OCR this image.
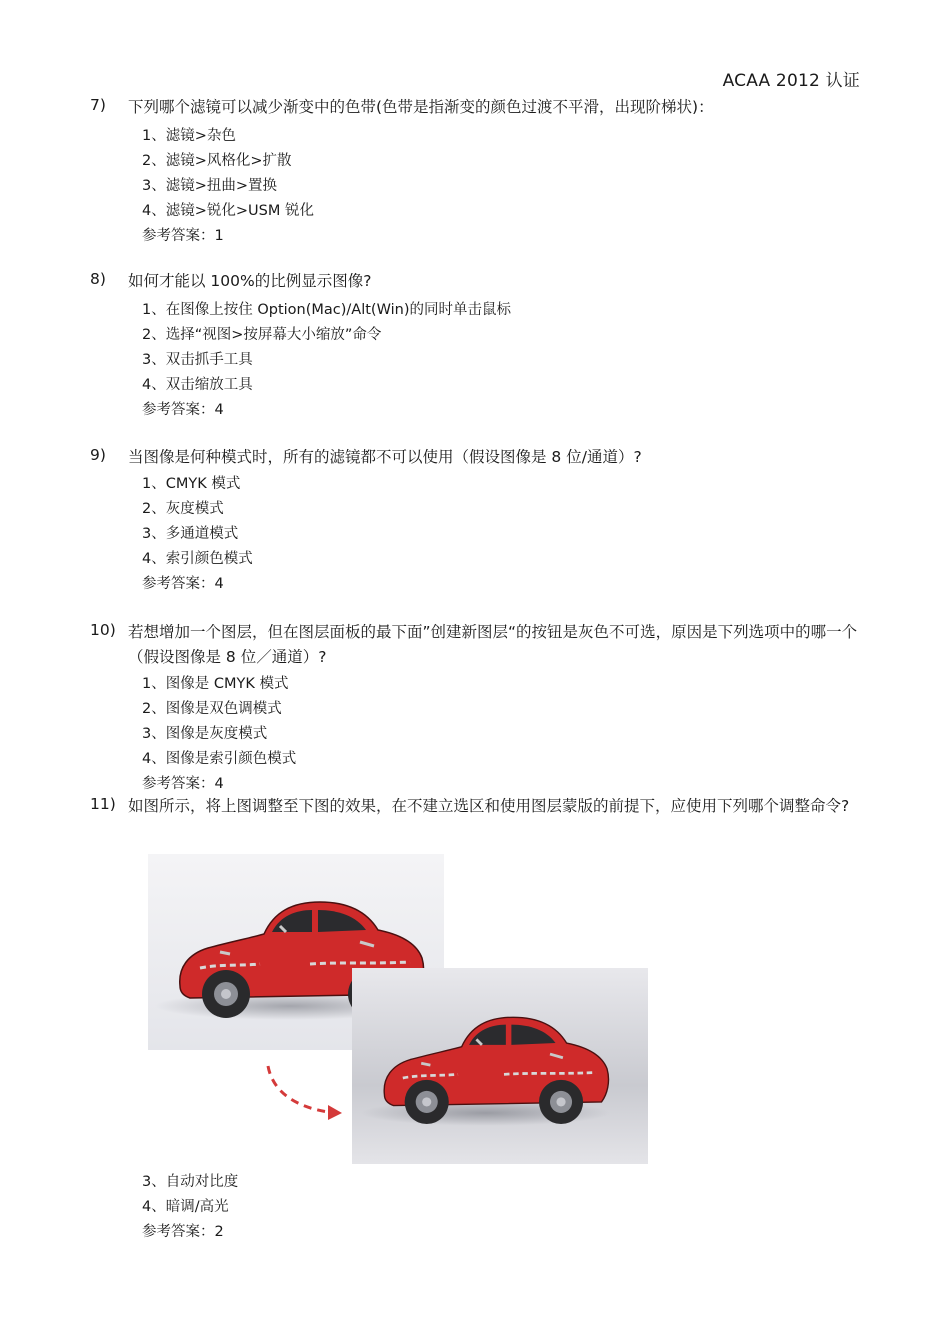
ACAA 2012 认证
7)	下列哪个滤镜可以减少渐变中的色带(色带是指渐变的颜色过渡不平滑，出现阶梯状)：
1、滤镜>杂色
2、滤镜>风格化>扩散
3、滤镜>扭曲>置换
4、滤镜>锐化>USM 锐化
参考答案：1
8)	如何才能以 100%的比例显示图像?
1、在图像上按住 Option(Mac)/Alt(Win)的同时单击鼠标
2、选择“视图>按屏幕大小缩放”命令
3、双击抓手工具
4、双击缩放工具
参考答案：4
9)	当图像是何种模式时，所有的滤镜都不可以使用（假设图像是 8 位/通道）?
1、CMYK 模式
2、灰度模式
3、多通道模式
4、索引颜色模式
参考答案：4
10) 若想增加一个图层，但在图层面板的最下面”创建新图层“的按钮是灰色不可选，原因是下列选项中的哪一个（假设图像是 8 位／通道）?
1、图像是 CMYK 模式
2、图像是双色调模式
3、图像是灰度模式
4、图像是索引颜色模式
参考答案：4
11) 如图所示，将上图调整至下图的效果，在不建立选区和使用图层蒙版的前提下，应使用下列哪个调整命令?
3、自动对比度
4、暗调/高光
参考答案：2
